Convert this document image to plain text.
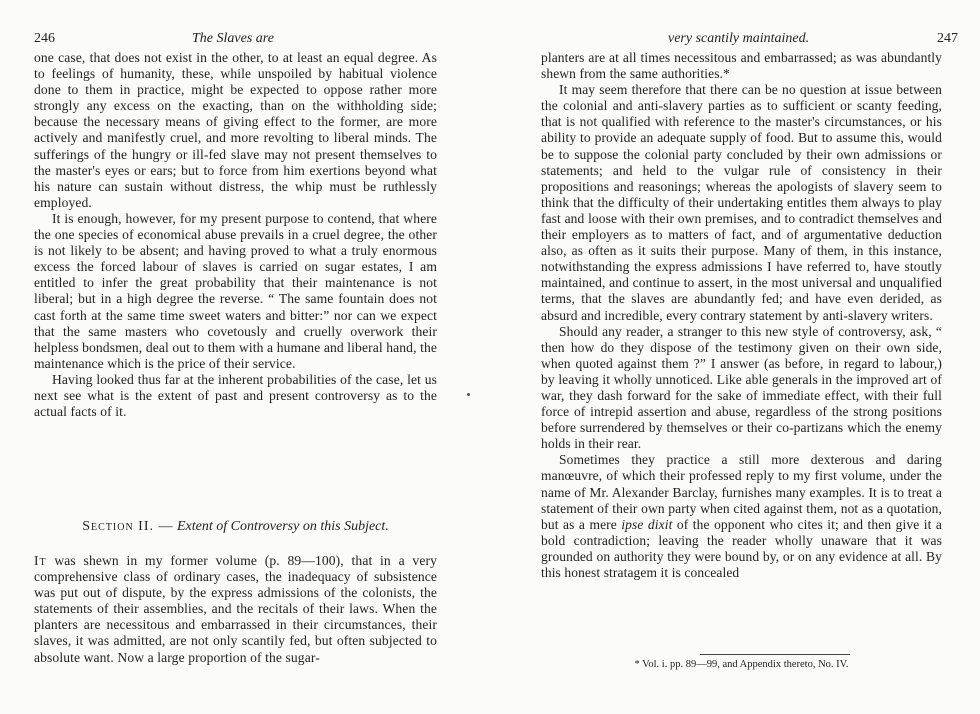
246	The Slaves are

one case, that does not exist in the other, to at least an equal degree. As to feelings of humanity, these, while unspoiled by habitual violence done to them in practice, might be expected to oppose rather more strongly any excess on the exacting, than on the withholding side; because the necessary means of giving effect to the former, are more actively and manifestly cruel, and more revolting to liberal minds. The sufferings of the hungry or ill-fed slave may not present themselves to the master's eyes or ears; but to force from him exertions beyond what his nature can sustain without distress, the whip must be ruthlessly employed.

It is enough, however, for my present purpose to contend, that where the one species of economical abuse prevails in a cruel degree, the other is not likely to be absent; and having proved to what a truly enormous excess the forced labour of slaves is carried on sugar estates, I am entitled to infer the great probability that their maintenance is not liberal; but in a high degree the reverse. “ The same fountain does not cast forth at the same time sweet waters and bitter:” nor can we expect that the same masters who covetously and cruelly overwork their helpless bondsmen, deal out to them with a humane and liberal hand, the maintenance which is the price of their service.

Having looked thus far at the inherent probabilities of the case, let us next see what is the extent of past and present controversy as to the actual facts of it.

Section II. — Extent of Controversy on this Subject.

It was shewn in my former volume (p. 89—100), that in a very comprehensive class of ordinary cases, the inadequacy of subsistence was put out of dispute, by the express admissions of the colonists, the statements of their assemblies, and the recitals of their laws. When the planters are necessitous and embarrassed in their circumstances, their slaves, it was admitted, are not only scantily fed, but often subjected to absolute want. Now a large proportion of the sugar-

very scantily maintained.	247

planters are at all times necessitous and embarrassed; as was abundantly shewn from the same authorities.*

It may seem therefore that there can be no question at issue between the colonial and anti-slavery parties as to sufficient or scanty feeding, that is not qualified with reference to the master's circumstances, or his ability to provide an adequate supply of food. But to assume this, would be to suppose the colonial party concluded by their own admissions or statements; and held to the vulgar rule of consistency in their propositions and reasonings; whereas the apologists of slavery seem to think that the difficulty of their undertaking entitles them always to play fast and loose with their own premises, and to contradict themselves and their employers as to matters of fact, and of argumentative deduction also, as often as it suits their purpose. Many of them, in this instance, notwithstanding the express admissions I have referred to, have stoutly maintained, and continue to assert, in the most universal and unqualified terms, that the slaves are abundantly fed; and have even derided, as absurd and incredible, every contrary statement by anti-slavery writers.

Should any reader, a stranger to this new style of controversy, ask, “ then how do they dispose of the testimony given on their own side, when quoted against them ?” I answer (as before, in regard to labour,) by leaving it wholly unnoticed. Like able generals in the improved art of war, they dash forward for the sake of immediate effect, with their full force of intrepid assertion and abuse, regardless of the strong positions before surrendered by themselves or their co-partizans which the enemy holds in their rear.

Sometimes they practice a still more dexterous and daring manœuvre, of which their professed reply to my first volume, under the name of Mr. Alexander Barclay, furnishes many examples. It is to treat a statement of their own party when cited against them, not as a quotation, but as a mere ipse dixit of the opponent who cites it; and then give it a bold contradiction; leaving the reader wholly unaware that it was grounded on authority they were bound by, or on any evidence at all. By this honest stratagem it is concealed

* Vol. i. pp. 89—99, and Appendix thereto, No. IV.
